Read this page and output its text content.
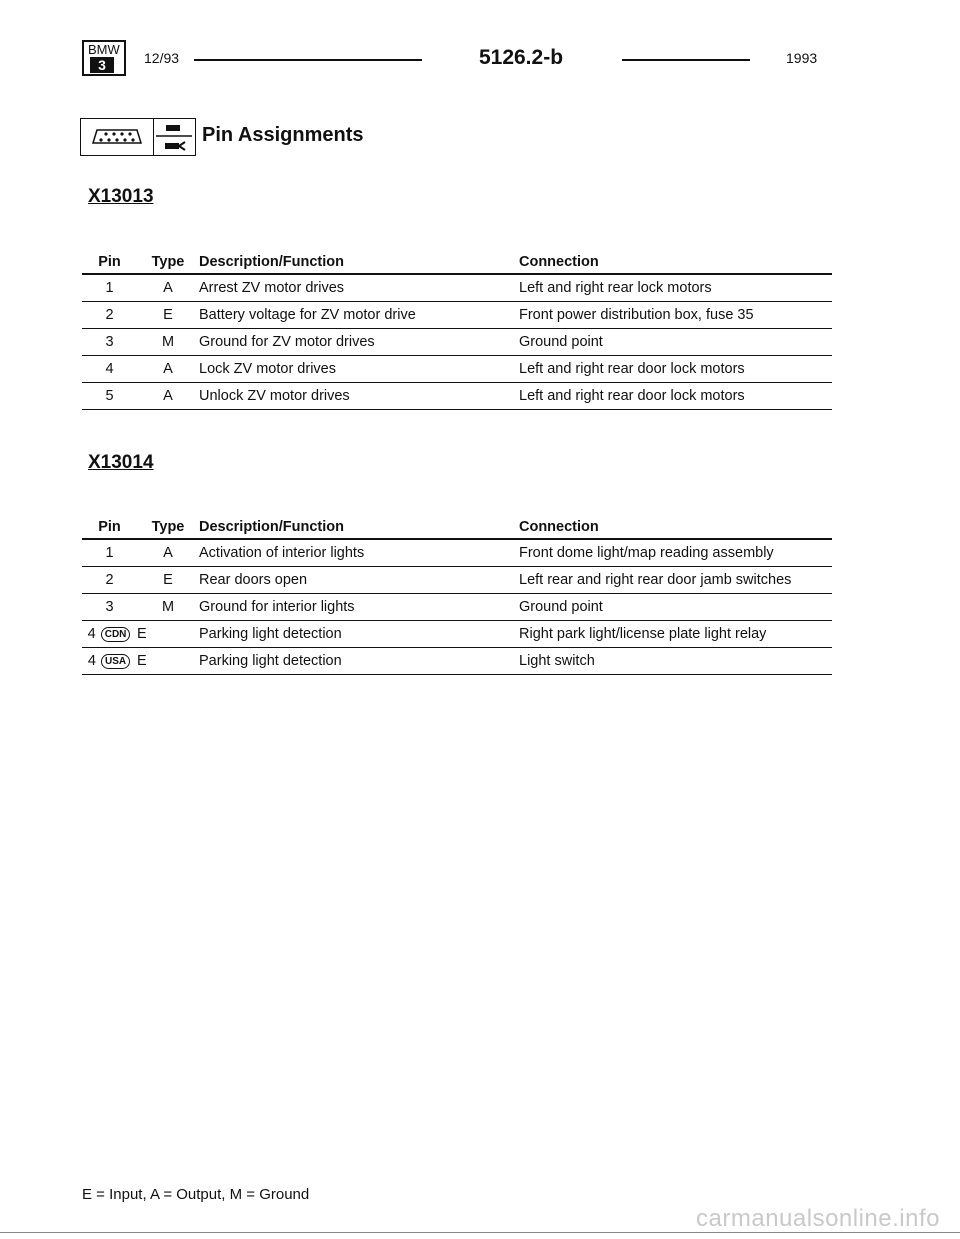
BMW
3	12/93	5126.2-b	1993
Pin Assignments
X13013
Pin	Type	Description/Function	Connection
1	A	Arrest ZV motor drives	Left and right rear lock motors
2	E	Battery voltage for ZV motor drive	Front power distribution box, fuse 35
3	M	Ground for ZV motor drives	Ground point
4	A	Lock ZV motor drives	Left and right rear door lock motors
5	A	Unlock ZV motor drives	Left and right rear door lock motors
X13014
Pin	Type	Description/Function	Connection
1	A	Activation of interior lights	Front dome light/map reading assembly
2	E	Rear doors open	Left rear and right rear door jamb switches
3	M	Ground for interior lights	Ground point
4 CDN	E	Parking light detection	Right park light/license plate light relay
4 USA	E	Parking light detection	Light switch
E = Input, A = Output, M = Ground
carmanualsonline.info
